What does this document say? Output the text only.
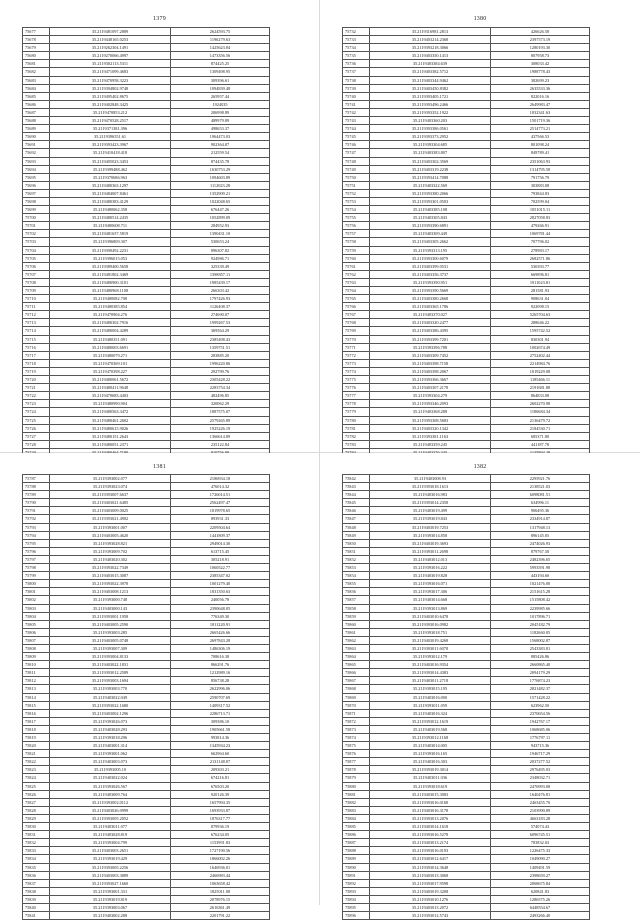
1379
75677	35.2119481097.2889	2624593.75
75678	35.2119448165.0253	1196279.63
75679	35.2119262304.1491	1425623.84
75680	35.2119270066.4997	1473356.56
75681	35.2119302113.5311	874425.25
75682	35.2119471099.4683	1309498.95
75683	35.2119470958.3223	309396.61
75684	35.2119394802.9748	1094839.48
75685	35.2119495402.8675	265957.44
75686	35.2119402848.3425	1924035
75687	35.2119470853.212	206998.89
75688	35.2119470528.2517	489979.89
75689	35.2119371381.396	498653.37
75690	35.2119396551.61	1964473.03
75691	35.2119393423.3967	902364.07
75692	35.2119410418.418	212559.54
75693	35.2119405023.3453	874435.78
75694	35.2119399488.462	1630753.29
75695	35.2119370686.963	1094603.89
75696	35.2119480363.1297	1112023.28
75697	35.2119484007.8461	1352909.21
75698	35.2119480383.4129	1022048.65
75699	35.2119480062.358	676447.26
75700	35.2119480514.2435	1052899.09
75701	35.2119480608.711	284952.93
75702	35.2119481657.5819	1390431.10
75703	35.2119396809.307	530653.24
75704	35.2119390492.2231	896307.82
75705	35.2119396015.053	924986.71
75706	35.2119389400.5658	325339.49
75707	35.2119481802.3469	1398857.11
75708	35.2119480900.3101	1985439.17
75709	35.2119480968.1108	266303.42
75710	35.2119480082.708	1797426.93
75711	35.2119480385.854	1126408.37
75712	35.2119470904.276	274690.07
75713	35.2119480302.7916	1999267.53
75714	35.2119480004.4289	369564.29
75715	35.2119480351.091	2385498.43
75716	35.2119480003.6691	1359751.51
75717	35.2119480079.271	283885.20
75718	35.2119470369.101	1996220.86
75719	35.2119470398.227	292799.76
75720	35.2119480061.5672	2305428.22
75721	35.2119480411.9648	2283754.34
75722	35.2119470683.4403	482496.85
75723	35.2119480990.904	320062.29
75724	35.2119480563.3472	1887575.07
75725	35.2119480461.2602	2579265.89
75726	35.2119480615.9026	1925226.19
75727	35.2119480151.2643	1366614.89
75728	35.2119480051.2371	235122.84

1380
75732	35.2119316981.2813	426626.58
75733	35.2119403214.2368	2397573.19
75734	35.2119393218.3066	1280193.30
75735	35.2119403350.1413	807958.73
75736	35.2119403384.639	308033.42
75737	35.2119403382.5712	1988778.43
75738	35.2119403344.9462	382699.23
75739	35.2119403450.8382	2635533.36
75740	35.2119393405.1721	822016.16
75741	35.2119393496.2466	2649983.47
75742	35.2119393352.1922	1032341.63
75743	35.2119403360.203	1501719.36
75744	35.2119393386.0561	2514773.21
75745	35.2119393373.2952	437566.53
75746	35.2119393304.685	801098.24
75747	35.2119403383.807	849789.41
75748	35.2119403302.3569	2351063.93
75749	35.2119403319.2238	1314795.58
75750	35.2119393414.7088	791756.79
75751	35.2119403322.569	303883.08
75752	35.2119393380.2066	793844.83
75753	35.2119393301.0503	702599.04
75754	35.2119403385.108	1051015.11
75755	35.2119403305.843	2827058.83
75756	35.2119393390.6891	479266.91
75757	35.2119403309.449	1069781.44
75758	35.2119403305.2662	707796.02
75759	35.2119393313.195	278983.17
75760	35.2119393300.6079	2682571.86
75761	35.2119403399.0531	530393.77
75762	35.2119403356.3737	669896.81
75763	35.2119393390.951	1911023.81
75764	35.2119393390.5669	281581.93
75765	35.2119403380.2668	908631.04
75766	35.2119403365.1786	922098.15
75767	35.2119403370.027	5265704.63
75768	35.2119403320.2477	288646.22
75769	35.2119403386.4395	1595742.52
75770	35.2119393399.7201	830301.94
75771	35.2119393396.788	1002674.49
75772	35.2119403309.7452	2752402.44
75773	35.2119403398.7158	2214984.76
75774	35.2119403398.2067	1019229.08
75775	35.2119393366.3667	1185466.11
75776	35.2119403307.2178	2191681.88
75777	35.2119393304.279	864833.08
75778	35.2119393346.2093	2602270.98
75779	35.2119403368.288	1186684.34
75780	35.2119393308.5683	2136479.72
75781	35.2119403320.1342	2184530.71
75782	35.2119393381.1163	685371.80
75783	35.2119403359.245	441187.78

1381
75787	35.2119393002.077	2186934.18
75788	35.2119393023.074	476014.32
75789	35.2119393007.6637	1726014.51
75790	35.2119403021.6485	2562497.47
75791	35.2119403009.0025	1819978.65
75792	35.2119393021.4902	893931.33
75793	35.2119393001.007	2209504.64
75794	35.2119403005.4620	1441809.37
75795	35.2119393028.821	2949014.30
75796	35.2119393009.702	613715.45
75797	35.2119403020.302	305218.91
75798	35.2119393022.7349	1060522.77
75799	35.2119403015.3087	2385347.02
75800	35.2119393022.3978	1001279.40
75801	35.2119403008.1213	1831350.63
75802	35.2119393000.748	240056.78
75803	35.2119403000.143	2390648.05
75804	35.2119393001.1958	776349.30
75805	35.2119403005.2590	1811220.91
75806	35.2119393003.285	2665426.66
75807	35.2119403005.0748	2697843.28
75808	35.2119393007.309	1486306.19
75809	35.2119393004.8133	708616.38
75810	35.2119403022.1831	866291.76
75811	35.2119393012.2589	1212989.16
75812	35.2119393003.1694	856738.28
75813	35.2119393003.770	2622996.06
75814	35.2119403022.049	2590707.69
75815	35.2119393022.1680	1409317.52
75816	35.2119403002.1296	2286713.71
75817	35.2119393026.073	309386.10
75818	35.2119403028.293	1905661.58
75819	35.2119393018.296	993814.36
75820	35.2119403001.314	1345934.23
75821	35.2119393001.062	662964.60
75822	35.2119403003.073	2131148.07
75823	35.2119393005.10	209303.21
75824	35.2119403022.024	674216.81
75825	35.2119393026.567	676503.20
75826	35.2119403009.764	920126.39
75827	35.2119393002.0112	1657994.35
75828	35.2119403026.0999	1693933.87
75829	35.2119393005.2052	1876317.77
75830	35.2119403011.077	879936.19
75831	35.2119403028.819	676234.05
75832	35.2119393004.799	1153991.83
75833	35.2119403003.2651	1727190.56
75834	35.2119393019.429	1866002.26
75835	35.2119393005.2256	1646936.01
75836	35.2119403003.3889	2466983.44
75837	35.2119393027.1660	1063658.42
75838	35.2119393001.331	1825011.08
75839	35.2119393019.819	2078976.15
75840	35.2119393003.067	2616361.49
75841	35.2119403002.288	2201791.22
1382
75842	35.2119403008.93	2295921.76
75843	35.2119393018.1613	2138521.03
75844	35.2119403016.983	6098081.51
75845	35.2119393014.2358	634996.11
75846	35.2119403019.499	906495.36
75847	35.2119393019.843	2334914.87
75848	35.2119403019.7253	1317948.13
75849	35.2119393014.858	896145.05
75850	35.2119403019.3693	2474026.93
75851	35.2119393011.2698	879767.50
75852	35.2119403012.013	2482396.65
75853	35.2119393016.222	5993591.98
75854	35.2119403019.828	443194.60
75855	35.2119393016.071	1021476.00
75856	35.2119393017.306	2151615.28
75857	35.2119403014.668	1515808.42
75858	35.2119393013.869	2239985.66
75859	35.2119403010.6478	1017896.71
75860	35.2119393016.0982	2045182.79
75861	35.2119393018.751	1182660.05
75862	35.2119403019.4268	1568002.87
75863	35.2119393011.6078	2543383.81
75864	35.2119393012.179	885426.86
75865	35.2119403016.9354	2660865.40
75866	35.2119393014.4383	2094179.29
75867	35.2119403011.2718	1776874.23
75868	35.2119393015.195	2821482.37
75869	35.2119403016.000	1571428.22
75870	35.2119393011.059	623962.50
75871	35.2119403016.324	2370654.56
75872	35.2119393012.1619	1942767.17
75873	35.2119403019.568	1068685.06
75874	35.2119393012.1168	1776797.11
75875	35.2119403014.005	943715.36
75876	35.2119393016.165	1946717.29
75877	35.2119403016.303	2037277.52
75878	35.2119393019.3014	2976495.03
75879	35.2119403011.036	2348032.71
75880	35.2119393018.619	2476993.08
75881	35.2119403015.3083	1640476.81
75882	35.2119393016.0168	2463455.70
75883	35.2119403016.3178	2103990.89
75884	35.2119393013.2076	4663183.28
75885	35.2119403014.1618	574074.43
75886	35.2119393016.5278	6096745.51
75887	35.2119403013.2174	783832.03
75888	35.2119393016.0193	1226475.33
75889	35.2119403012.6417	1049090.27
75890	35.2119393014.3648	1409491.59
75891	35.2119403013.3068	2398659.27
75892	35.2119393017.9598	2068675.84
75893	35.2119403019.3208	620841.83
75894	35.2119393010.1276	1286575.26
75895	35.2119403013.2072	6448554.67
75896	35.2119393012.5743	2493266.40
